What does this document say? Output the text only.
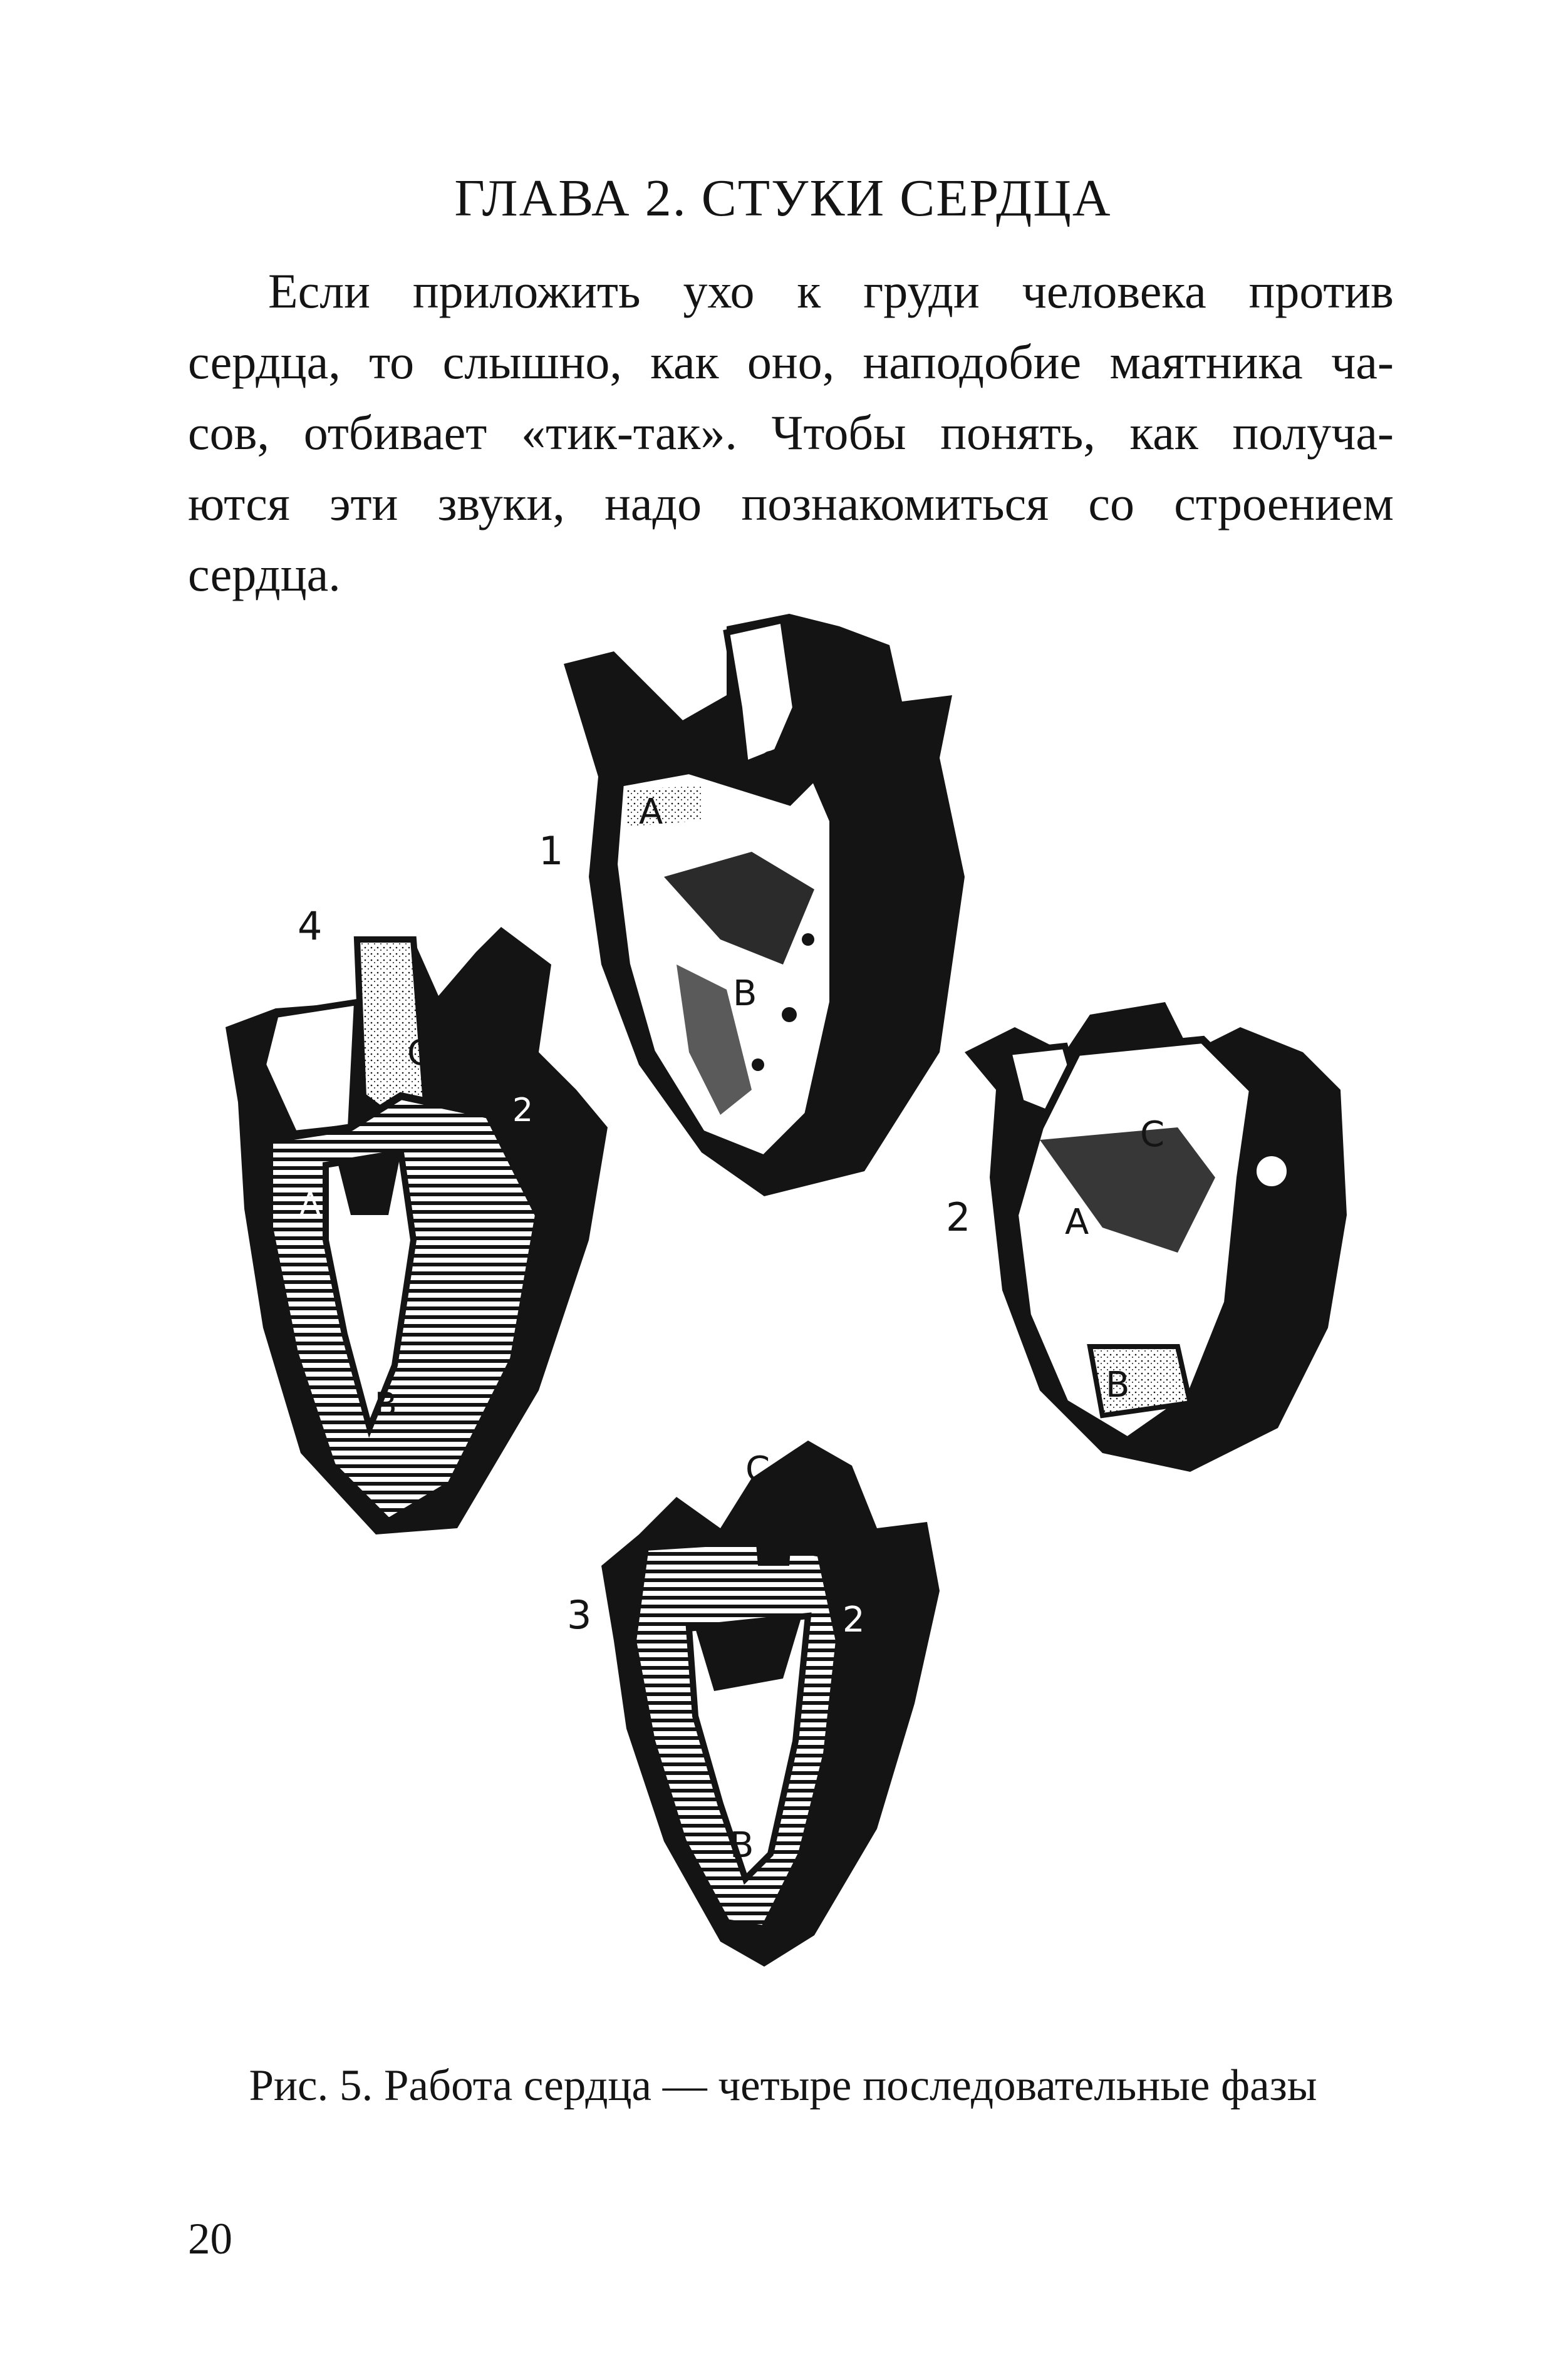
ГЛАВА 2. СТУКИ СЕРДЦА
Если приложить ухо к груди человека против
сердца, то слышно, как оно, наподобие маятника ча-
сов, отбивает «тик-так». Чтобы понять, как получа-
ются эти звуки, надо познакомиться со строением
сердца.
1
4
2
3
A
C
B
A
C
2
B
A
C
B
C
2
B
Рис. 5. Работа сердца — четыре последовательные фазы
20
